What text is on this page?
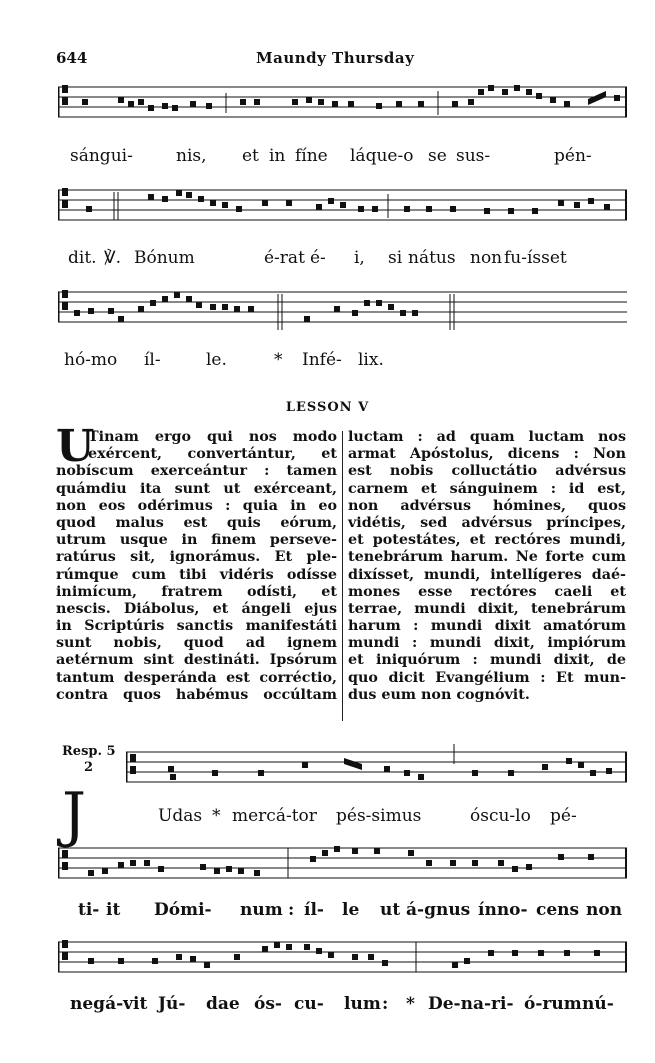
644	Maundy Thursday
sángui-	nis, et in fíne láque-o se sus-	pén-
dit. ℣. Bónum	é-rat é- i, si nátus non fu-ísset
hó-mo íl-	le.	* Infé- lix.
LESSON V
U
Tinam ergo qui nos modo
exércent, convertántur, et
nobíscum exerceántur : tamen
quámdiu ita sunt ut exérceant,
non eos odérimus : quia in eo
quod malus est quis eórum,
utrum usque in finem perseve-
ratúrus sit, ignorámus. Et ple-
rúmque cum tibi vidéris odísse
inimícum, fratrem odísti, et
nescis. Diábolus, et ángeli ejus
in Scriptúris sanctis manifestáti
sunt nobis, quod ad ignem
aetérnum sint destináti. Ipsórum
tantum desperánda est corréctio,
contra quos habémus occúltam
luctam : ad quam luctam nos
armat Apóstolus, dicens : Non
est nobis colluctátio advérsus
carnem et sánguinem : id est,
non advérsus hómines, quos
vidétis, sed advérsus príncipes,
et potestátes, et rectóres mundi,
tenebrárum harum. Ne forte cum
dixísset, mundi, intellígeres daé-
mones esse rectóres caeli et
terrae, mundi dixit, tenebrárum
harum : mundi dixit amatórum
mundi : mundi dixit, impiórum
et iniquórum : mundi dixit, de
quo dicit Evangélium : Et mun-
dus eum non cognóvit.
Resp. 5
2
J	Udas * mercá-tor pés-simus	óscu-lo pé-
ti- it Dómi- num : íl- le ut á-gnus ínno- cens non
negá-vit Jú- dae ós- cu- lum : * De-na-ri- ó-rum nú-
